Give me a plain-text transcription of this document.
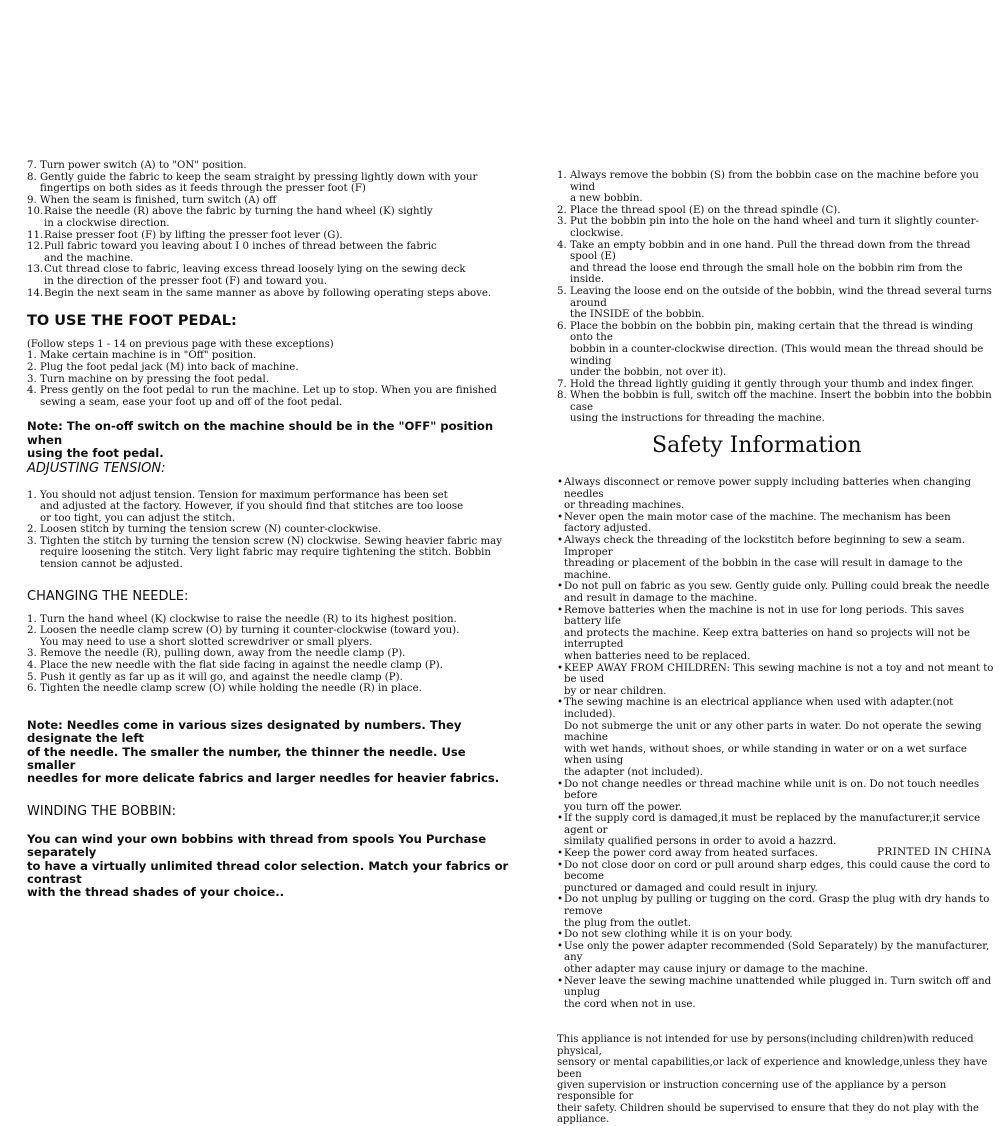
7. Turn power switch (A) to "ON" position.
8. Gently guide the fabric to keep the seam straight by pressing lightly down with your
fingertips on both sides as it feeds through the presser foot (F)
9. When the seam is finished, turn switch (A) off
10. Raise the needle (R) above the fabric by turning the hand wheel (K) sightly
in a clockwise direction.
11. Raise presser foot (F) by lifting the presser foot lever (G).
12. Pull fabric toward you leaving about I 0 inches of thread between the fabric
and the machine.
13. Cut thread close to fabric, leaving excess thread loosely lying on the sewing deck
in the direction of the presser foot (F) and toward you.
14. Begin the next seam in the same manner as above by following operating steps above.
TO USE THE FOOT PEDAL:
(Follow steps 1 - 14 on previous page with these exceptions)
1. Make certain machine is in "Off" position.
2. Plug the foot pedal jack (M) into back of machine.
3. Turn machine on by pressing the foot pedal.
4. Press gently on the foot pedal to run the machine. Let up to stop. When you are finished
sewing a seam, ease your foot up and off of the foot pedal.
Note: The on-off switch on the machine should be in the "OFF" position when
using the foot pedal.
ADJUSTING TENSION:
1. You should not adjust tension. Tension for maximum performance has been set
and adjusted at the factory. However, if you should find that stitches are too loose
or too tight, you can adjust the stitch.
2. Loosen stitch by turning the tension screw (N) counter-clockwise.
3. Tighten the stitch by turning the tension screw (N) clockwise. Sewing heavier fabric may
require loosening the stitch. Very light fabric may require tightening the stitch. Bobbin
tension cannot be adjusted.
CHANGING THE NEEDLE:
1. Turn the hand wheel (K) clockwise to raise the needle (R) to its highest position.
2. Loosen the needle clamp screw (O) by turning it counter-clockwise (toward you).
You may need to use a short slotted screwdriver or small plyers.
3. Remove the needle (R), pulling down, away from the needle clamp (P).
4. Place the new needle with the flat side facing in against the needle clamp (P).
5. Push it gently as far up as it will go, and against the needle clamp (P).
6. Tighten the needle clamp screw (O) while holding the needle (R) in place.
Note: Needles come in various sizes designated by numbers. They designate the left
of the needle. The smaller the number, the thinner the needle. Use smaller
needles for more delicate fabrics and larger needles for heavier fabrics.
WINDING THE BOBBIN:
You can wind your own bobbins with thread from spools You Purchase separately
to have a virtually unlimited thread color selection. Match your fabrics or contrast
with the thread shades of your choice..
1. Always remove the bobbin (S) from the bobbin case on the machine before you wind
a new bobbin.
2. Place the thread spool (E) on the thread spindle (C).
3. Put the bobbin pin into the hole on the hand wheel and turn it slightly counter-clockwise.
4. Take an empty bobbin and in one hand. Pull the thread down from the thread spool (E)
and thread the loose end through the small hole on the bobbin rim from the inside.
5. Leaving the loose end on the outside of the bobbin, wind the thread several turns around
the INSIDE of the bobbin.
6. Place the bobbin on the bobbin pin, making certain that the thread is winding onto the
bobbin in a counter-clockwise direction. (This would mean the thread should be winding
under the bobbin, not over it).
7. Hold the thread lightly guiding it gently through your thumb and index finger.
8. When the bobbin is full, switch off the machine. Insert the bobbin into the bobbin case
using the instructions for threading the machine.
Safety Information
• Always disconnect or remove power supply including batteries when changing needles
or threading machines.
• Never open the main motor case of the machine. The mechanism has been
factory adjusted.
• Always check the threading of the lockstitch before beginning to sew a seam. Improper
threading or placement of the bobbin in the case will result in damage to the machine.
• Do not pull on fabric as you sew. Gently guide only. Pulling could break the needle
and result in damage to the machine.
• Remove batteries when the machine is not in use for long periods. This saves battery life
and protects the machine. Keep extra batteries on hand so projects will not be interrupted
when batteries need to be replaced.
• KEEP AWAY FROM CHILDREN: This sewing machine is not a toy and not meant to be used
by or near children.
• The sewing machine is an electrical appliance when used with adapter.(not included).
Do not submerge the unit or any other parts in water. Do not operate the sewing machine
with wet hands, without shoes, or while standing in water or on a wet surface when using
the adapter (not included).
• Do not change needles or thread machine while unit is on. Do not touch needles before
you turn off the power.
• If the supply cord is damaged,it must be replaced by the manufacturer,it service agent or
similaty qualified persons in order to avoid a hazzrd.
• Keep the power cord away from heated surfaces.
• Do not close door on cord or pull around sharp edges, this could cause the cord to become
punctured or damaged and could result in injury.
• Do not unplug by pulling or tugging on the cord. Grasp the plug with dry hands to remove
the plug from the outlet.
• Do not sew clothing while it is on your body.
• Use only the power adapter recommended (Sold Separately) by the manufacturer, any
other adapter may cause injury or damage to the machine.
• Never leave the sewing machine unattended while plugged in. Turn switch off and unplug
the cord when not in use.
This appliance is not intended for use by persons(including children)with reduced physical,
sensory or mental capabilities,or lack of experience and knowledge,unless they have been
given supervision or instruction concerning use of the appliance by a person responsible for
their safety. Children should be supervised to ensure that they do not play with the appliance.
PRINTED IN CHINA
